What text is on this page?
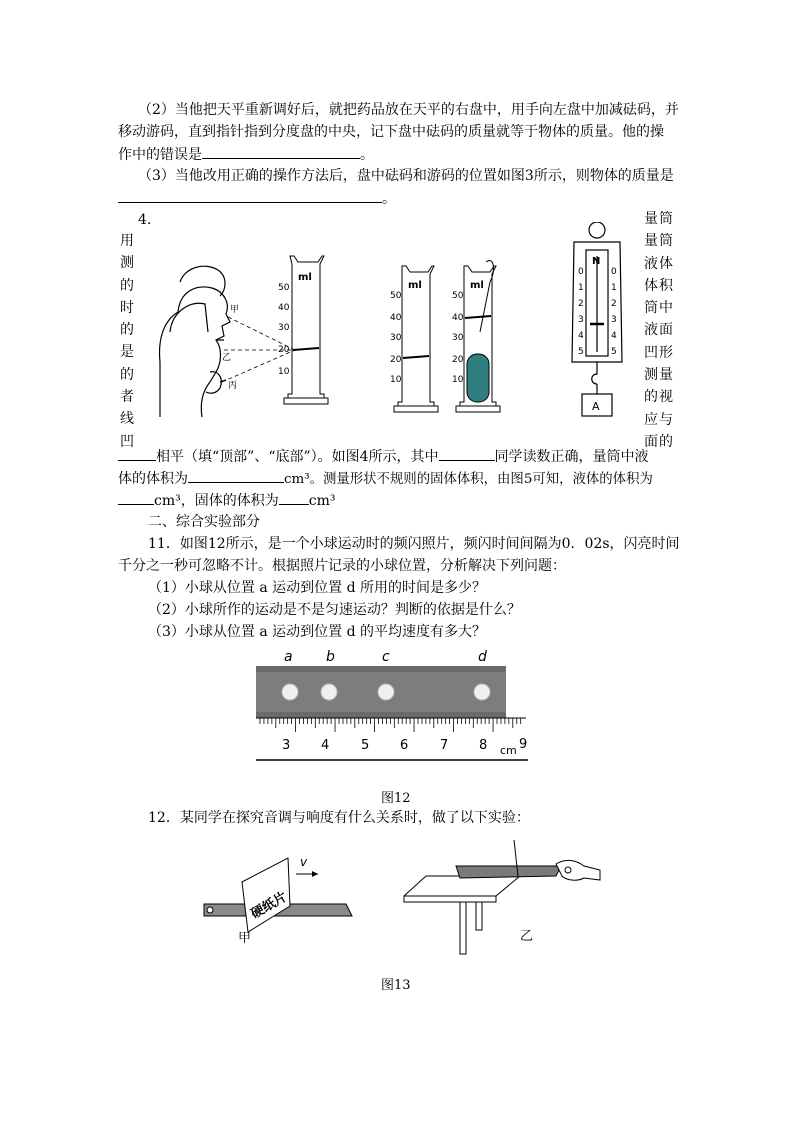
（2）当他把天平重新调好后，就把药品放在天平的右盘中，用手向左盘中加减砝码，并
移动游码，直到指针指到分度盘的中央，记下盘中砝码的质量就等于物体的质量。他的操
作中的错误是	。
（3）当他改用正确的操作方法后，盘中砝码和游码的位置如图3所示，则物体的质量是
。
4.
用
测
的
时
的
是
的
者
线
凹
量筒
量筒
液体
体积
筒中
液面
凹形
测量
的视
应与
面的
甲
乙
丙
ml
50
40
30
20
10
ml
50
40
30
20
10
ml
50
40
30
20
10
N
0
1
2
3
4
5
0
1
2
3
4
5
A
相平（填“顶部”、“底部”）。如图4所示，其中	同学读数正确，量筒中液
体的体积为	cm³。测量形状不规则的固体体积，由图5可知，液体的体积为
cm³，固体的体积为 cm³
二、综合实验部分
11．如图12所示，是一个小球运动时的频闪照片，频闪时间间隔为0．02s，闪亮时间
千分之一秒可忽略不计。根据照片记录的小球位置，分析解决下列问题：
（1）小球从位置 a 运动到位置 d 所用的时间是多少？
（2）小球所作的运动是不是匀速运动？判断的依据是什么？
（3）小球从位置 a 运动到位置 d 的平均速度有多大？
a b	c	d
3 4 5 6 7 8 9
cm
图12
12．某同学在探究音调与响度有什么关系时，做了以下实验：
硬纸片
v
甲	乙
图13
